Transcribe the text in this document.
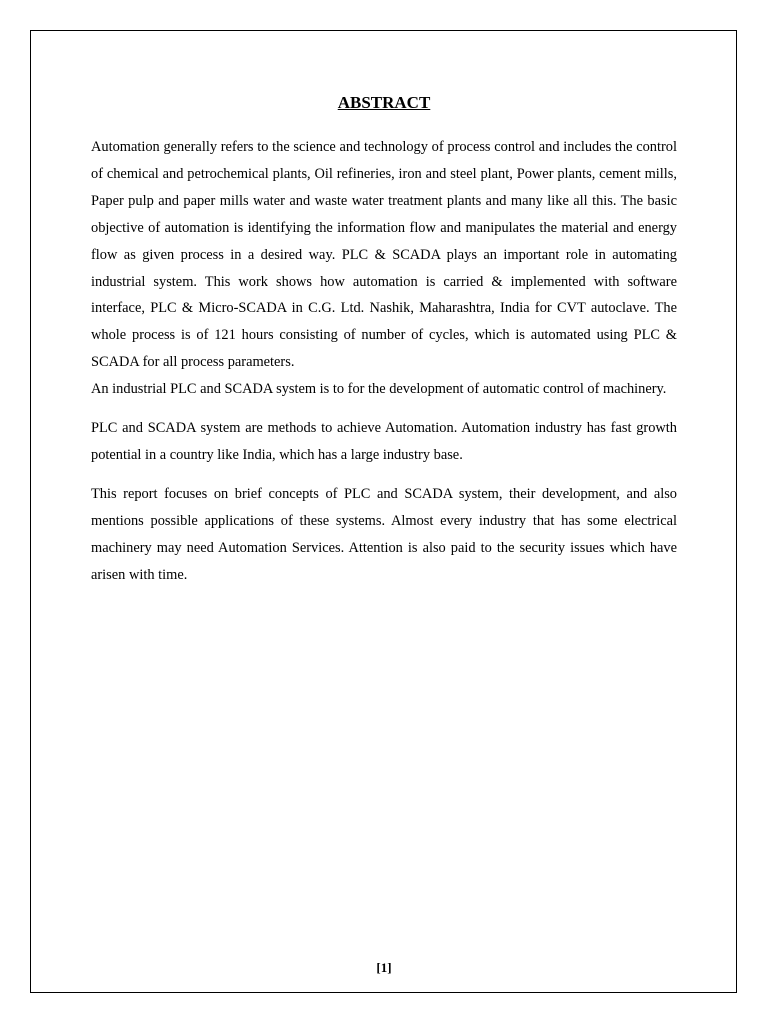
ABSTRACT

Automation generally refers to the science and technology of process control and includes the control of chemical and petrochemical plants, Oil refineries, iron and steel plant, Power plants, cement mills, Paper pulp and paper mills water and waste water treatment plants and many like all this. The basic objective of automation is identifying the information flow and manipulates the material and energy flow as given process in a desired way. PLC & SCADA plays an important role in automating industrial system. This work shows how automation is carried & implemented with software interface, PLC & Micro-SCADA in C.G. Ltd. Nashik, Maharashtra, India for CVT autoclave. The whole process is of 121 hours consisting of number of cycles, which is automated using PLC & SCADA for all process parameters.

An industrial PLC and SCADA system is to for the development of automatic control of machinery.

PLC and SCADA system are methods to achieve Automation. Automation industry has fast growth potential in a country like India, which has a large industry base.

This report focuses on brief concepts of PLC and SCADA system, their development, and also mentions possible applications of these systems. Almost every industry that has some electrical machinery may need Automation Services. Attention is also paid to the security issues which have arisen with time.

[1]
